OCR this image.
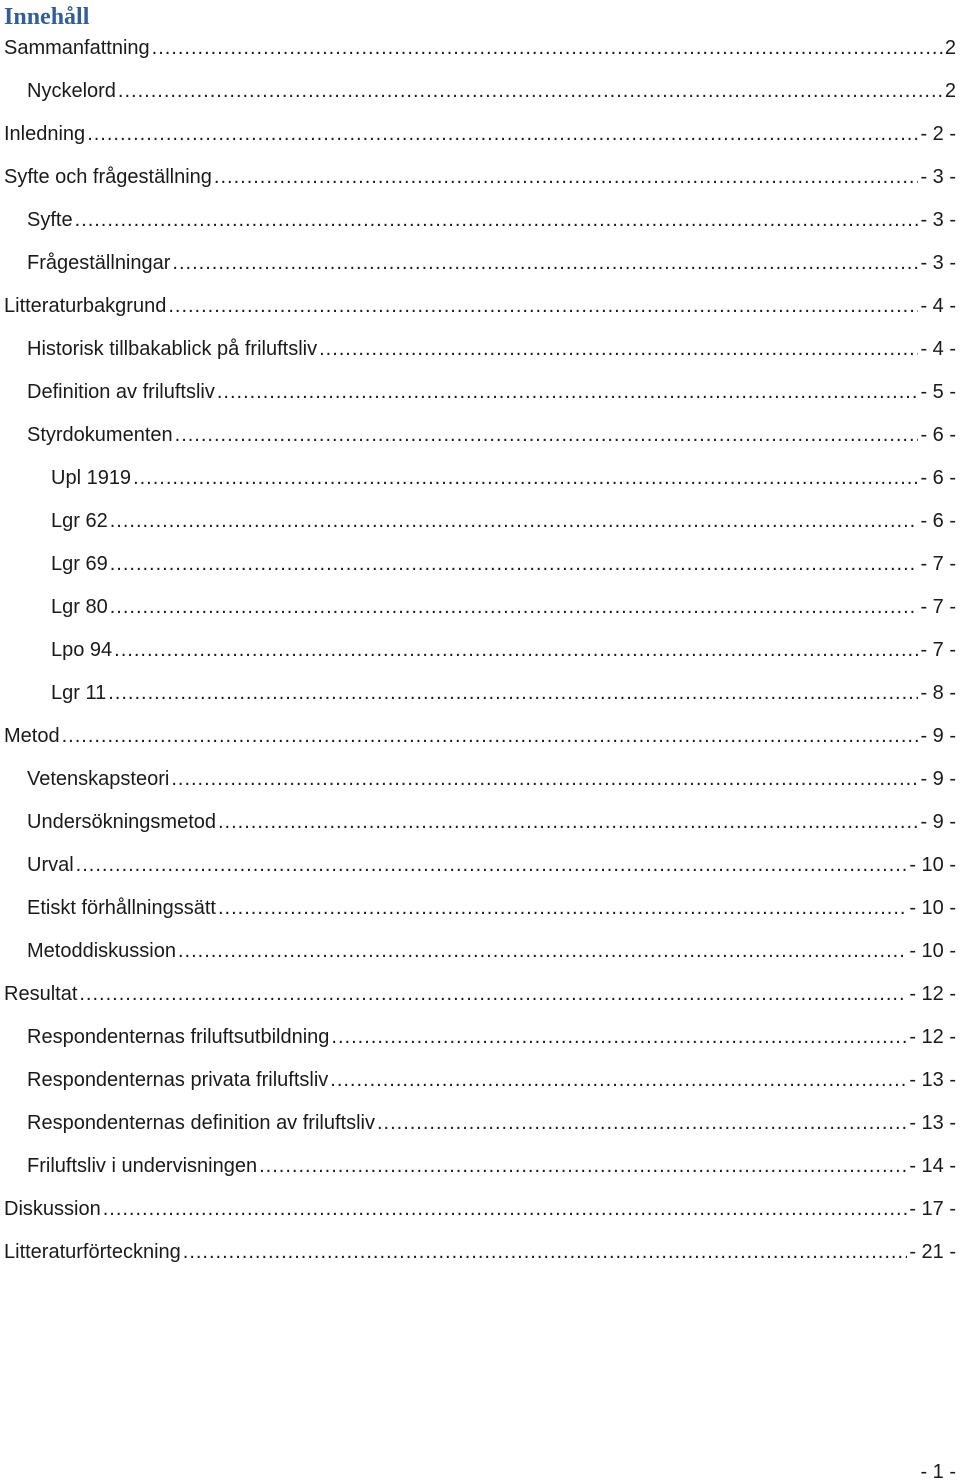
Innehåll
Sammanfattning .....	2
Nyckelord .....	2
Inledning .....	- 2 -
Syfte och frågeställning .....	- 3 -
Syfte .....	- 3 -
Frågeställningar .....	- 3 -
Litteraturbakgrund .....	- 4 -
Historisk tillbakablick på friluftsliv .....	- 4 -
Definition av friluftsliv .....	- 5 -
Styrdokumenten .....	- 6 -
Upl 1919 .....	- 6 -
Lgr 62 .....	- 6 -
Lgr 69 .....	- 7 -
Lgr 80 .....	- 7 -
Lpo 94 .....	- 7 -
Lgr 11 .....	- 8 -
Metod .....	- 9 -
Vetenskapsteori .....	- 9 -
Undersökningsmetod .....	- 9 -
Urval .....	- 10 -
Etiskt förhållningssätt .....	- 10 -
Metoddiskussion .....	- 10 -
Resultat .....	- 12 -
Respondenternas friluftsutbildning .....	- 12 -
Respondenternas privata friluftsliv .....	- 13 -
Respondenternas definition av friluftsliv .....	- 13 -
Friluftsliv i undervisningen .....	- 14 -
Diskussion .....	- 17 -
Litteraturförteckning .....	- 21 -
- 1 -
